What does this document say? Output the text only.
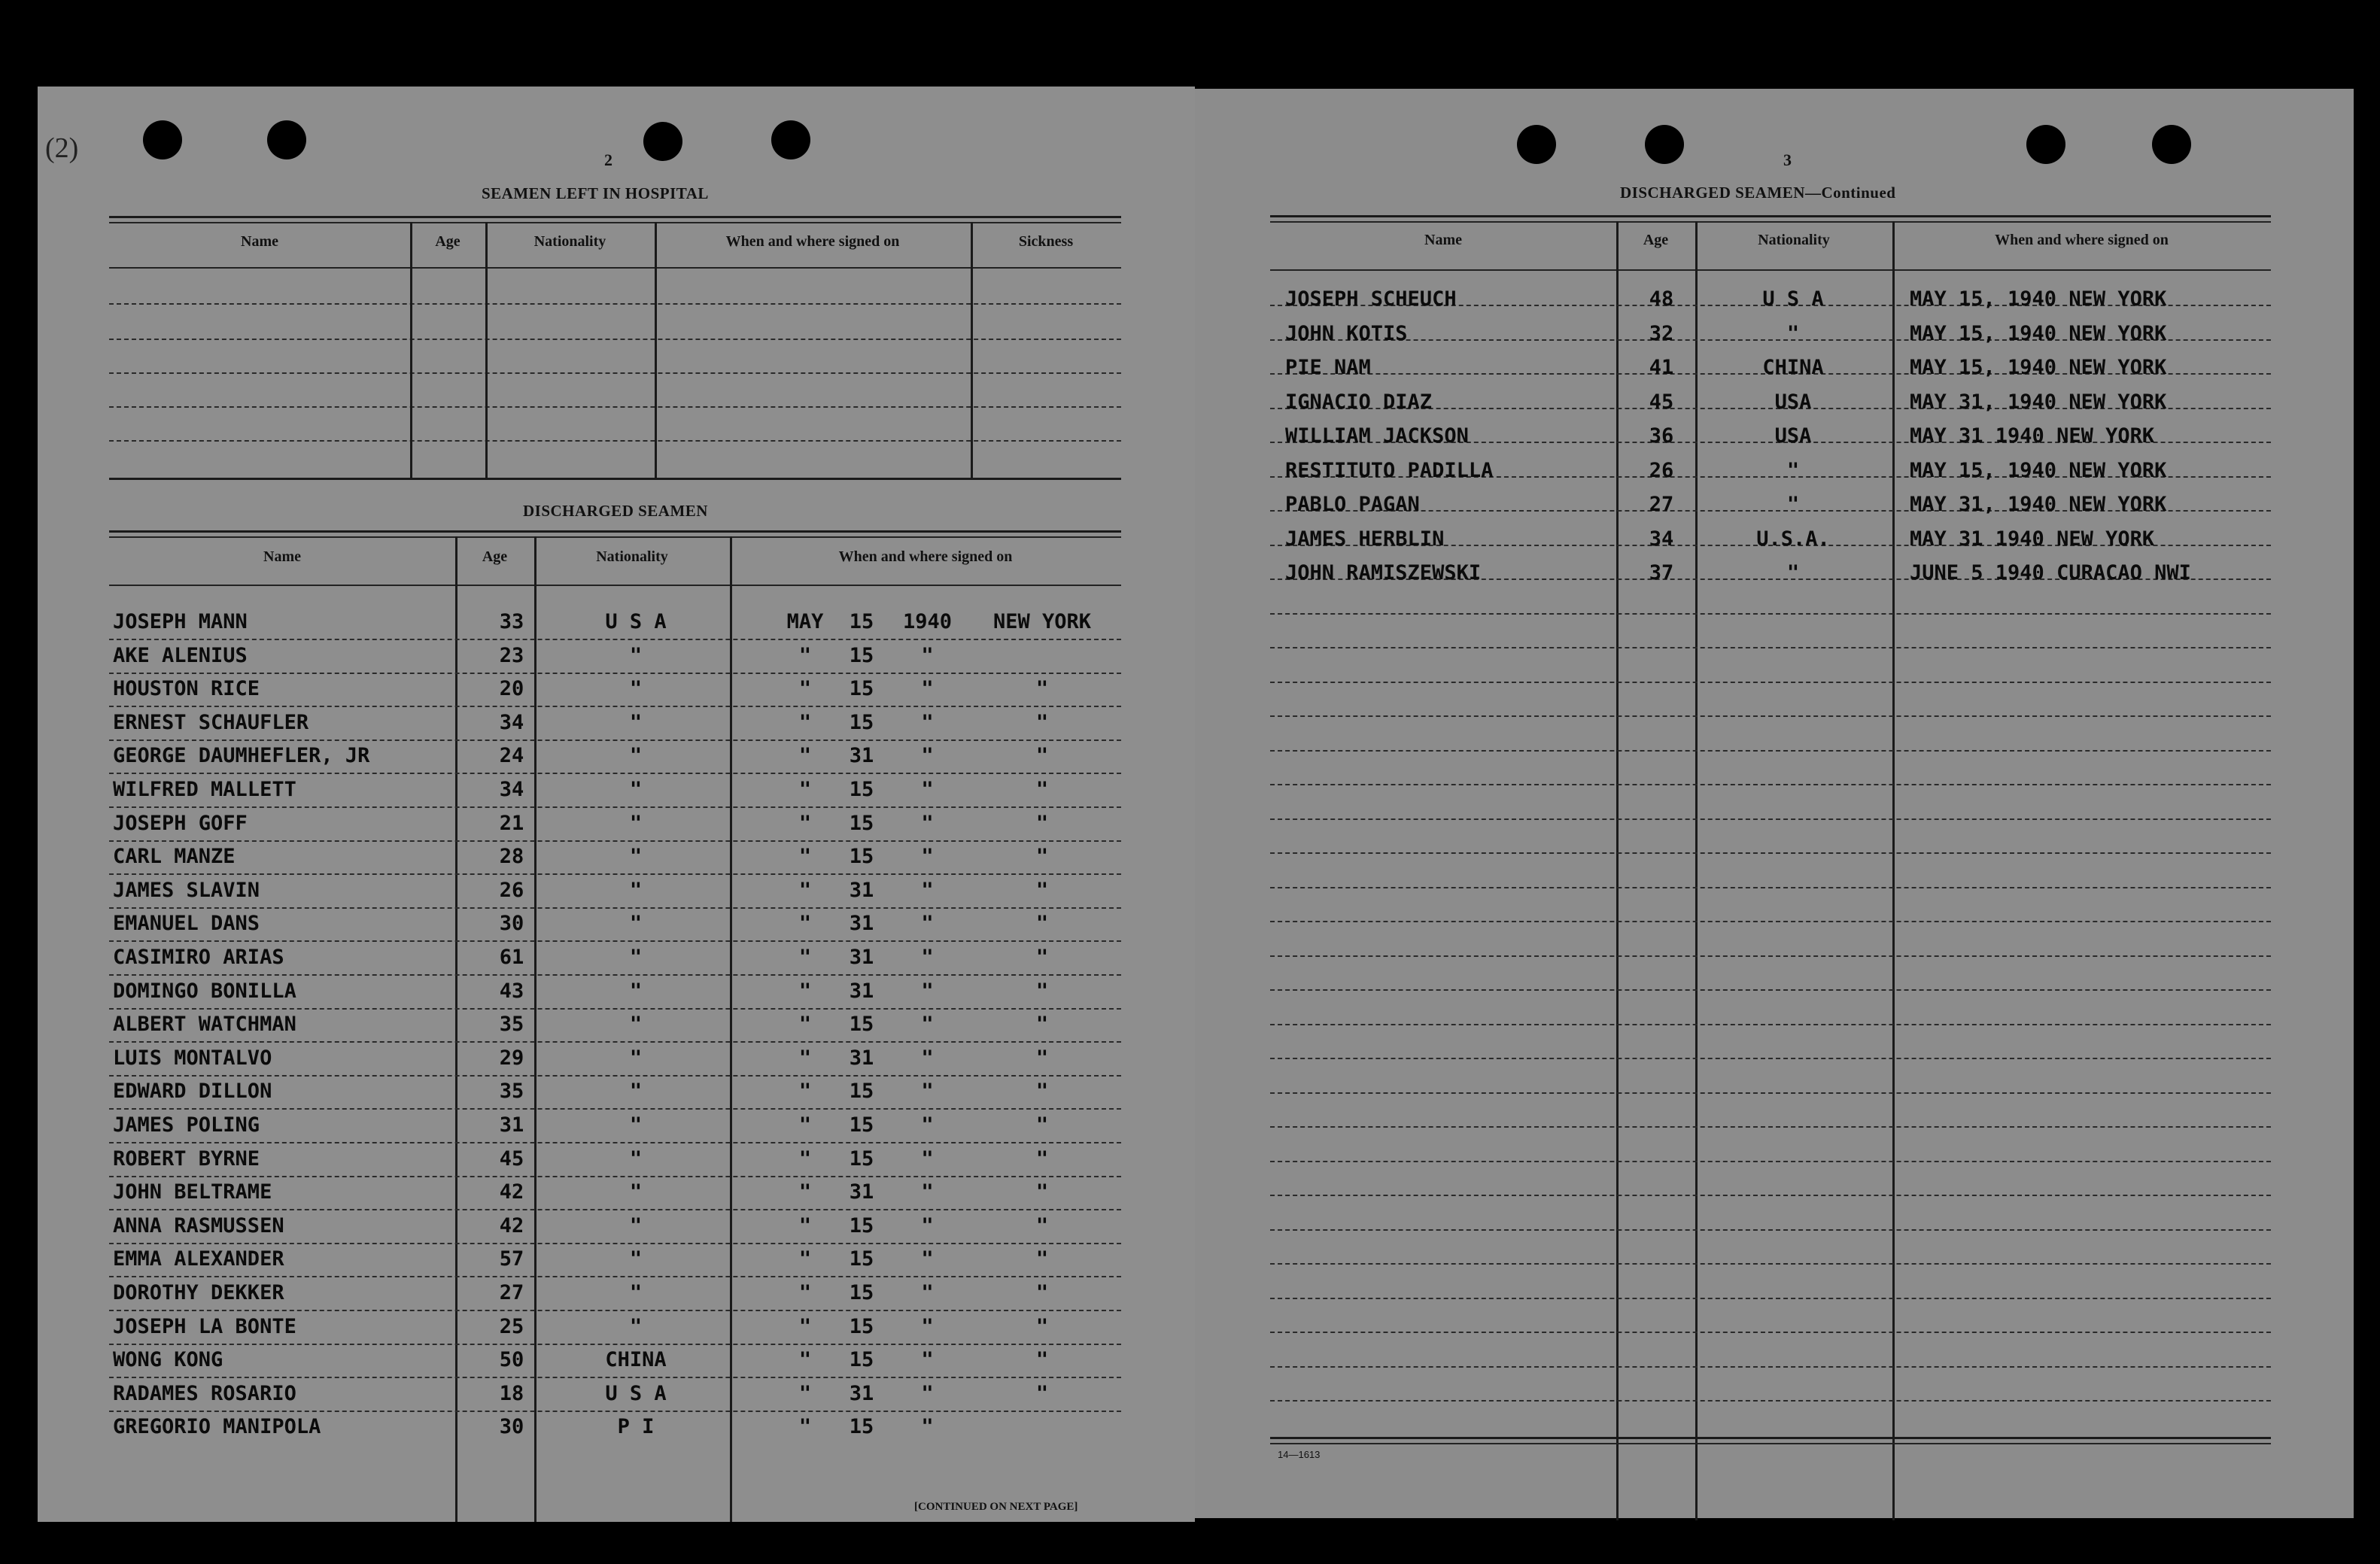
(2)	2
SEAMEN LEFT IN HOSPITAL
Name	Age	Nationality	When and where signed on	Sickness
DISCHARGED SEAMEN
Name	Age	Nationality	When and where signed on
JOSEPH MANN	33	U S A	MAY	15	1940	NEW YORK
AKE ALENIUS	23	"	"	15	"
HOUSTON RICE	20	"	"	15	"	"
ERNEST SCHAUFLER	34	"	"	15	"	"
GEORGE DAUMHEFLER, JR	24	"	"	31	"	"
WILFRED MALLETT	34	"	"	15	"	"
JOSEPH GOFF	21	"	"	15	"	"
CARL MANZE	28	"	"	15	"	"
JAMES SLAVIN	26	"	"	31	"	"
EMANUEL DANS	30	"	"	31	"	"
CASIMIRO ARIAS	61	"	"	31	"	"
DOMINGO BONILLA	43	"	"	31	"	"
ALBERT WATCHMAN	35	"	"	15	"	"
LUIS MONTALVO	29	"	"	31	"	"
EDWARD DILLON	35	"	"	15	"	"
JAMES POLING	31	"	"	15	"	"
ROBERT BYRNE	45	"	"	15	"	"
JOHN BELTRAME	42	"	"	31	"	"
ANNA RASMUSSEN	42	"	"	15	"	"
EMMA ALEXANDER	57	"	"	15	"	"
DOROTHY DEKKER	27	"	"	15	"	"
JOSEPH LA BONTE	25	"	"	15	"	"
WONG KONG	50	CHINA	"	15	"	"
RADAMES ROSARIO	18	U S A	"	31	"	"
GREGORIO MANIPOLA	30	P I	"	15	"
[CONTINUED ON NEXT PAGE]
3
DISCHARGED SEAMEN—Continued
Name	Age	Nationality	When and where signed on
JOSEPH SCHEUCH	48	U S A	MAY 15, 1940 NEW YORK
JOHN KOTIS	32	"	MAY 15, 1940 NEW YORK
PIE NAM	41	CHINA	MAY 15, 1940 NEW YORK
IGNACIO DIAZ	45	USA	MAY 31, 1940 NEW YORK
WILLIAM JACKSON	36	USA	MAY 31 1940 NEW YORK
RESTITUTO PADILLA	26	"	MAY 15, 1940 NEW YORK
PABLO PAGAN	27	"	MAY 31, 1940 NEW YORK
JAMES HERBLIN	34	U.S.A.	MAY 31 1940 NEW YORK
JOHN RAMISZEWSKI	37	"	JUNE 5 1940 CURACAO NWI
14—1613
